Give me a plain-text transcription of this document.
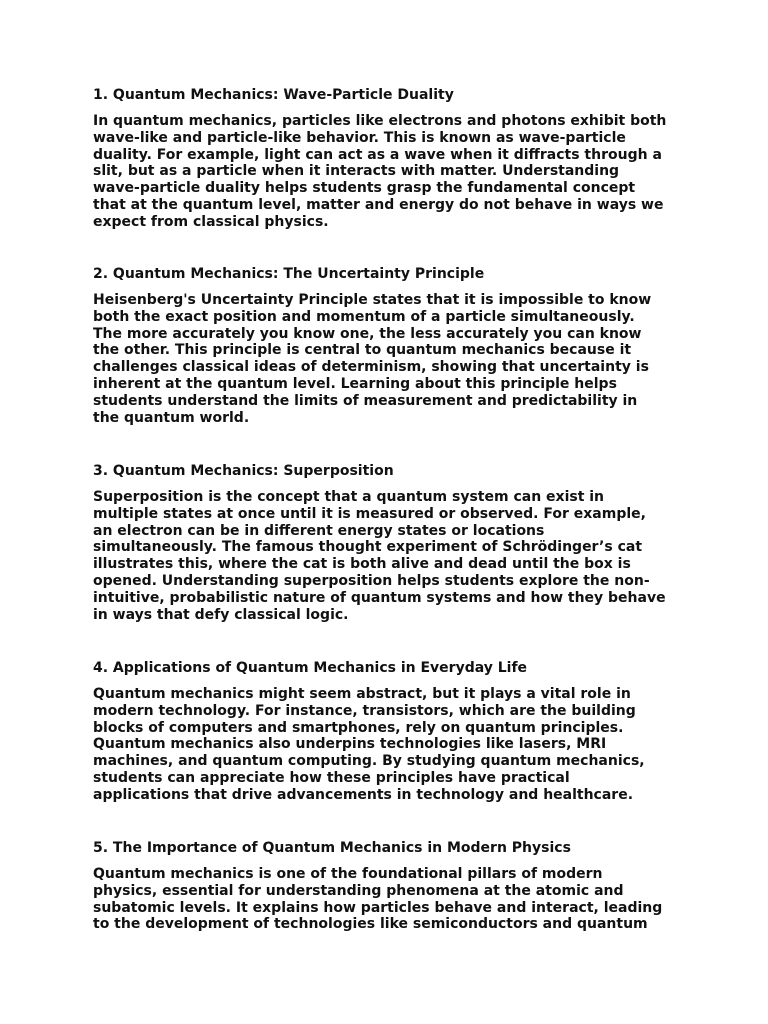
1. Quantum Mechanics: Wave-Particle Duality

In quantum mechanics, particles like electrons and photons exhibit both
wave-like and particle-like behavior. This is known as wave-particle
duality. For example, light can act as a wave when it diffracts through a
slit, but as a particle when it interacts with matter. Understanding
wave-particle duality helps students grasp the fundamental concept
that at the quantum level, matter and energy do not behave in ways we
expect from classical physics.

2. Quantum Mechanics: The Uncertainty Principle

Heisenberg's Uncertainty Principle states that it is impossible to know
both the exact position and momentum of a particle simultaneously.
The more accurately you know one, the less accurately you can know
the other. This principle is central to quantum mechanics because it
challenges classical ideas of determinism, showing that uncertainty is
inherent at the quantum level. Learning about this principle helps
students understand the limits of measurement and predictability in
the quantum world.

3. Quantum Mechanics: Superposition

Superposition is the concept that a quantum system can exist in
multiple states at once until it is measured or observed. For example,
an electron can be in different energy states or locations
simultaneously. The famous thought experiment of Schrödinger’s cat
illustrates this, where the cat is both alive and dead until the box is
opened. Understanding superposition helps students explore the non-
intuitive, probabilistic nature of quantum systems and how they behave
in ways that defy classical logic.

4. Applications of Quantum Mechanics in Everyday Life

Quantum mechanics might seem abstract, but it plays a vital role in
modern technology. For instance, transistors, which are the building
blocks of computers and smartphones, rely on quantum principles.
Quantum mechanics also underpins technologies like lasers, MRI
machines, and quantum computing. By studying quantum mechanics,
students can appreciate how these principles have practical
applications that drive advancements in technology and healthcare.

5. The Importance of Quantum Mechanics in Modern Physics

Quantum mechanics is one of the foundational pillars of modern
physics, essential for understanding phenomena at the atomic and
subatomic levels. It explains how particles behave and interact, leading
to the development of technologies like semiconductors and quantum
